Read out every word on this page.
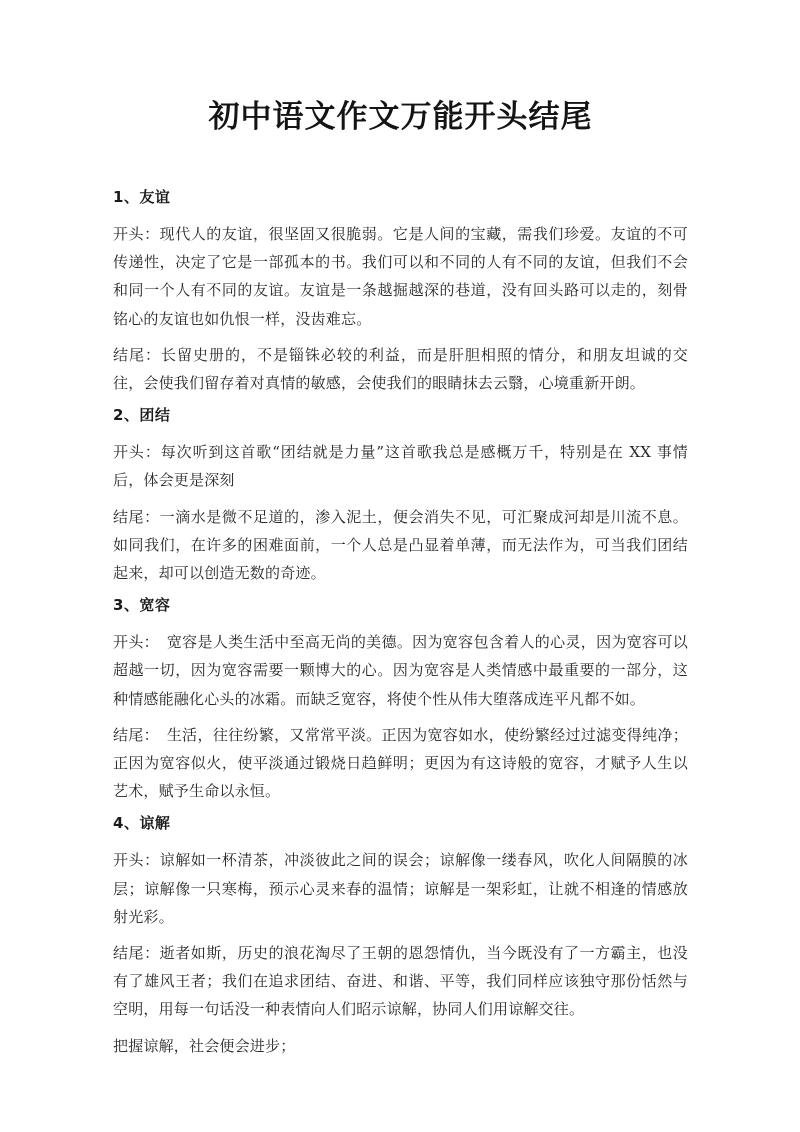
初中语文作文万能开头结尾
1、友谊

开头：现代人的友谊，很坚固又很脆弱。它是人间的宝藏，需我们珍爱。友谊的不可传递性，决定了它是一部孤本的书。我们可以和不同的人有不同的友谊，但我们不会和同一个人有不同的友谊。友谊是一条越掘越深的巷道，没有回头路可以走的，刻骨铭心的友谊也如仇恨一样，没齿难忘。

结尾：长留史册的，不是锱铢必较的利益，而是肝胆相照的情分，和朋友坦诚的交往，会使我们留存着对真情的敏感，会使我们的眼睛抹去云翳，心境重新开朗。

2、团结

开头：每次听到这首歌“团结就是力量”这首歌我总是感概万千，特别是在 XX 事情后，体会更是深刻

结尾：一滴水是微不足道的，渗入泥土，便会消失不见，可汇聚成河却是川流不息。如同我们，在许多的困难面前，一个人总是凸显着单薄，而无法作为，可当我们团结起来，却可以创造无数的奇迹。

3、宽容

开头：　宽容是人类生活中至高无尚的美德。因为宽容包含着人的心灵，因为宽容可以超越一切，因为宽容需要一颗博大的心。因为宽容是人类情感中最重要的一部分，这种情感能融化心头的冰霜。而缺乏宽容，将使个性从伟大堕落成连平凡都不如。

结尾：　生活，往往纷繁，又常常平淡。正因为宽容如水，使纷繁经过过滤变得纯净；正因为宽容似火，使平淡通过锻烧日趋鲜明；更因为有这诗般的宽容，才赋予人生以艺术，赋予生命以永恒。

4、谅解

开头：谅解如一杯清茶，冲淡彼此之间的误会；谅解像一缕春风，吹化人间隔膜的冰层；谅解像一只寒梅，预示心灵来春的温情；谅解是一架彩虹，让就不相逢的情感放射光彩。

结尾：逝者如斯，历史的浪花淘尽了王朝的恩怨情仇，当今既没有了一方霸主，也没有了雄风王者；我们在追求团结、奋进、和谐、平等，我们同样应该独守那份恬然与空明，用每一句话没一种表情向人们昭示谅解，协同人们用谅解交往。

把握谅解，社会便会进步；
